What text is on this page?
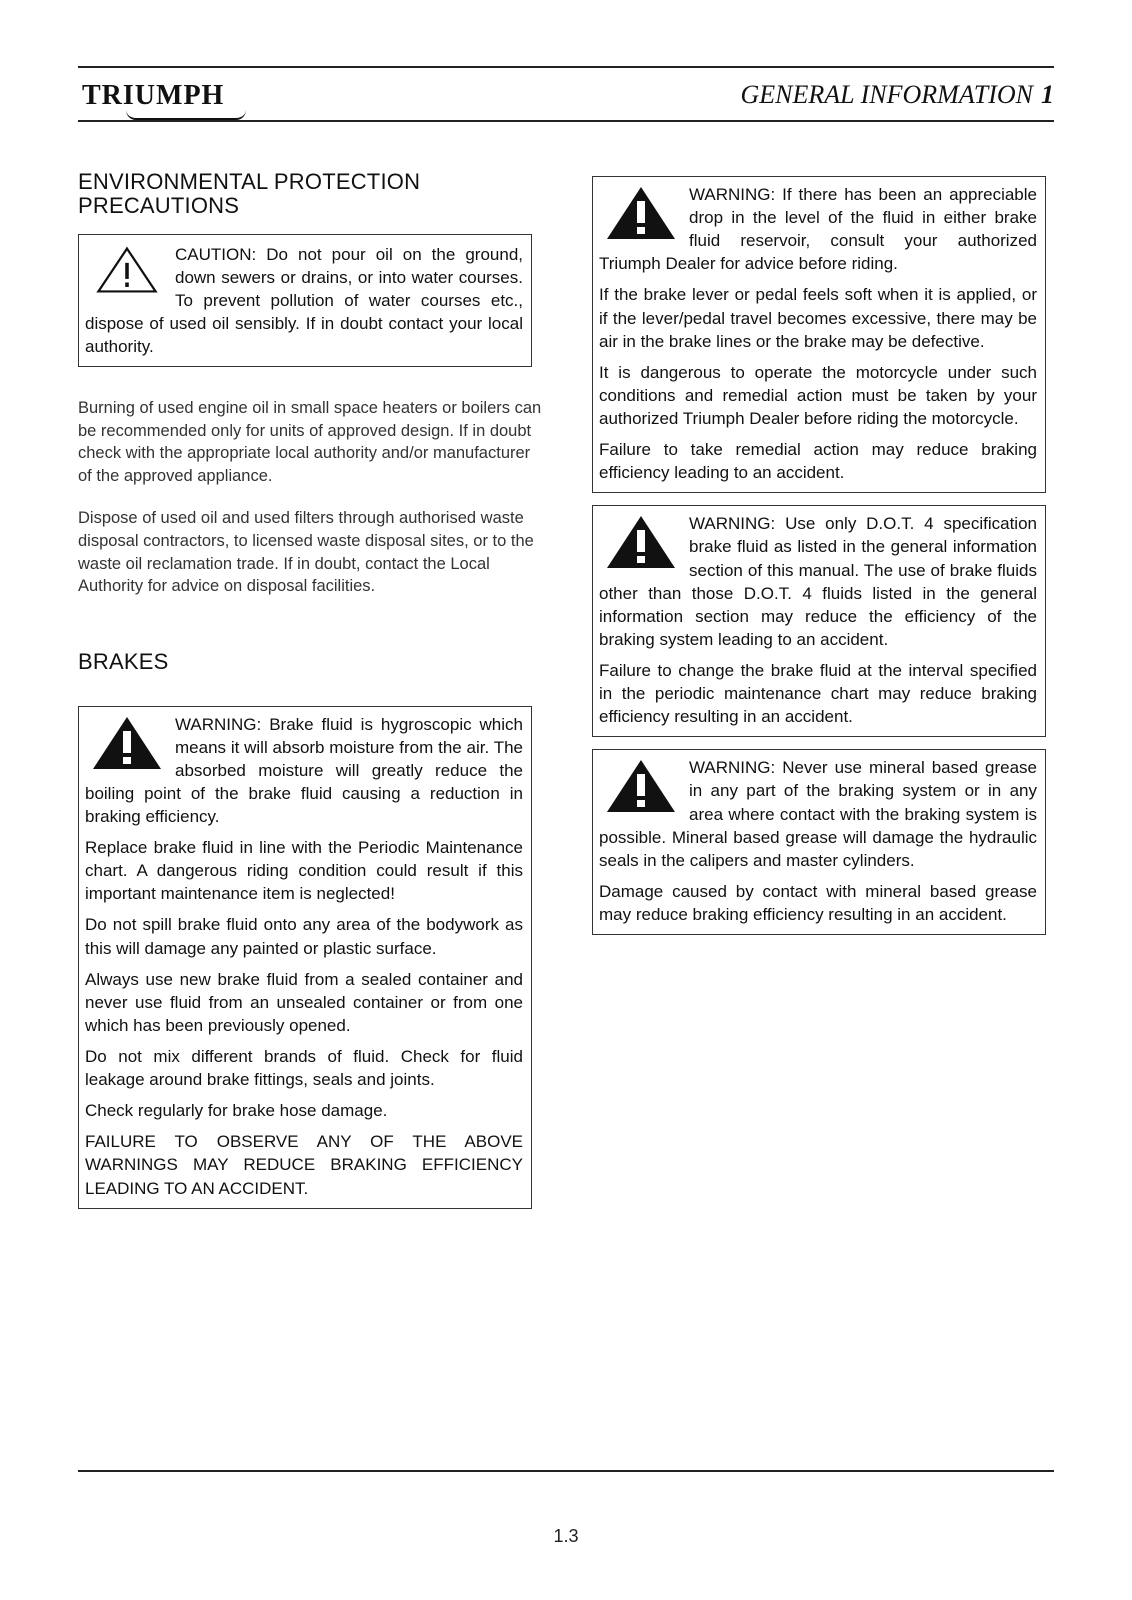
TRIUMPH	GENERAL INFORMATION 1
ENVIRONMENTAL PROTECTION PRECAUTIONS

CAUTION: Do not pour oil on the ground, down sewers or drains, or into water courses. To prevent pollution of water courses etc., dispose of used oil sensibly. If in doubt contact your local authority.

Burning of used engine oil in small space heaters or boilers can be recommended only for units of approved design. If in doubt check with the appropriate local authority and/or manufacturer of the approved appliance.

Dispose of used oil and used filters through authorised waste disposal contractors, to licensed waste disposal sites, or to the waste oil reclamation trade. If in doubt, contact the Local Authority for advice on disposal facilities.

BRAKES

WARNING: Brake fluid is hygroscopic which means it will absorb moisture from the air. The absorbed moisture will greatly reduce the boiling point of the brake fluid causing a reduction in braking efficiency.

Replace brake fluid in line with the Periodic Maintenance chart. A dangerous riding condition could result if this important maintenance item is neglected!

Do not spill brake fluid onto any area of the bodywork as this will damage any painted or plastic surface.

Always use new brake fluid from a sealed container and never use fluid from an unsealed container or from one which has been previously opened.

Do not mix different brands of fluid. Check for fluid leakage around brake fittings, seals and joints.

Check regularly for brake hose damage.

FAILURE TO OBSERVE ANY OF THE ABOVE WARNINGS MAY REDUCE BRAKING EFFICIENCY LEADING TO AN ACCIDENT.

WARNING: If there has been an appreciable drop in the level of the fluid in either brake fluid reservoir, consult your authorized Triumph Dealer for advice before riding.

If the brake lever or pedal feels soft when it is applied, or if the lever/pedal travel becomes excessive, there may be air in the brake lines or the brake may be defective.

It is dangerous to operate the motorcycle under such conditions and remedial action must be taken by your authorized Triumph Dealer before riding the motorcycle.

Failure to take remedial action may reduce braking efficiency leading to an accident.

WARNING: Use only D.O.T. 4 specification brake fluid as listed in the general information section of this manual. The use of brake fluids other than those D.O.T. 4 fluids listed in the general information section may reduce the efficiency of the braking system leading to an accident.

Failure to change the brake fluid at the interval specified in the periodic maintenance chart may reduce braking efficiency resulting in an accident.

WARNING: Never use mineral based grease in any part of the braking system or in any area where contact with the braking system is possible. Mineral based grease will damage the hydraulic seals in the calipers and master cylinders.

Damage caused by contact with mineral based grease may reduce braking efficiency resulting in an accident.

1.3
